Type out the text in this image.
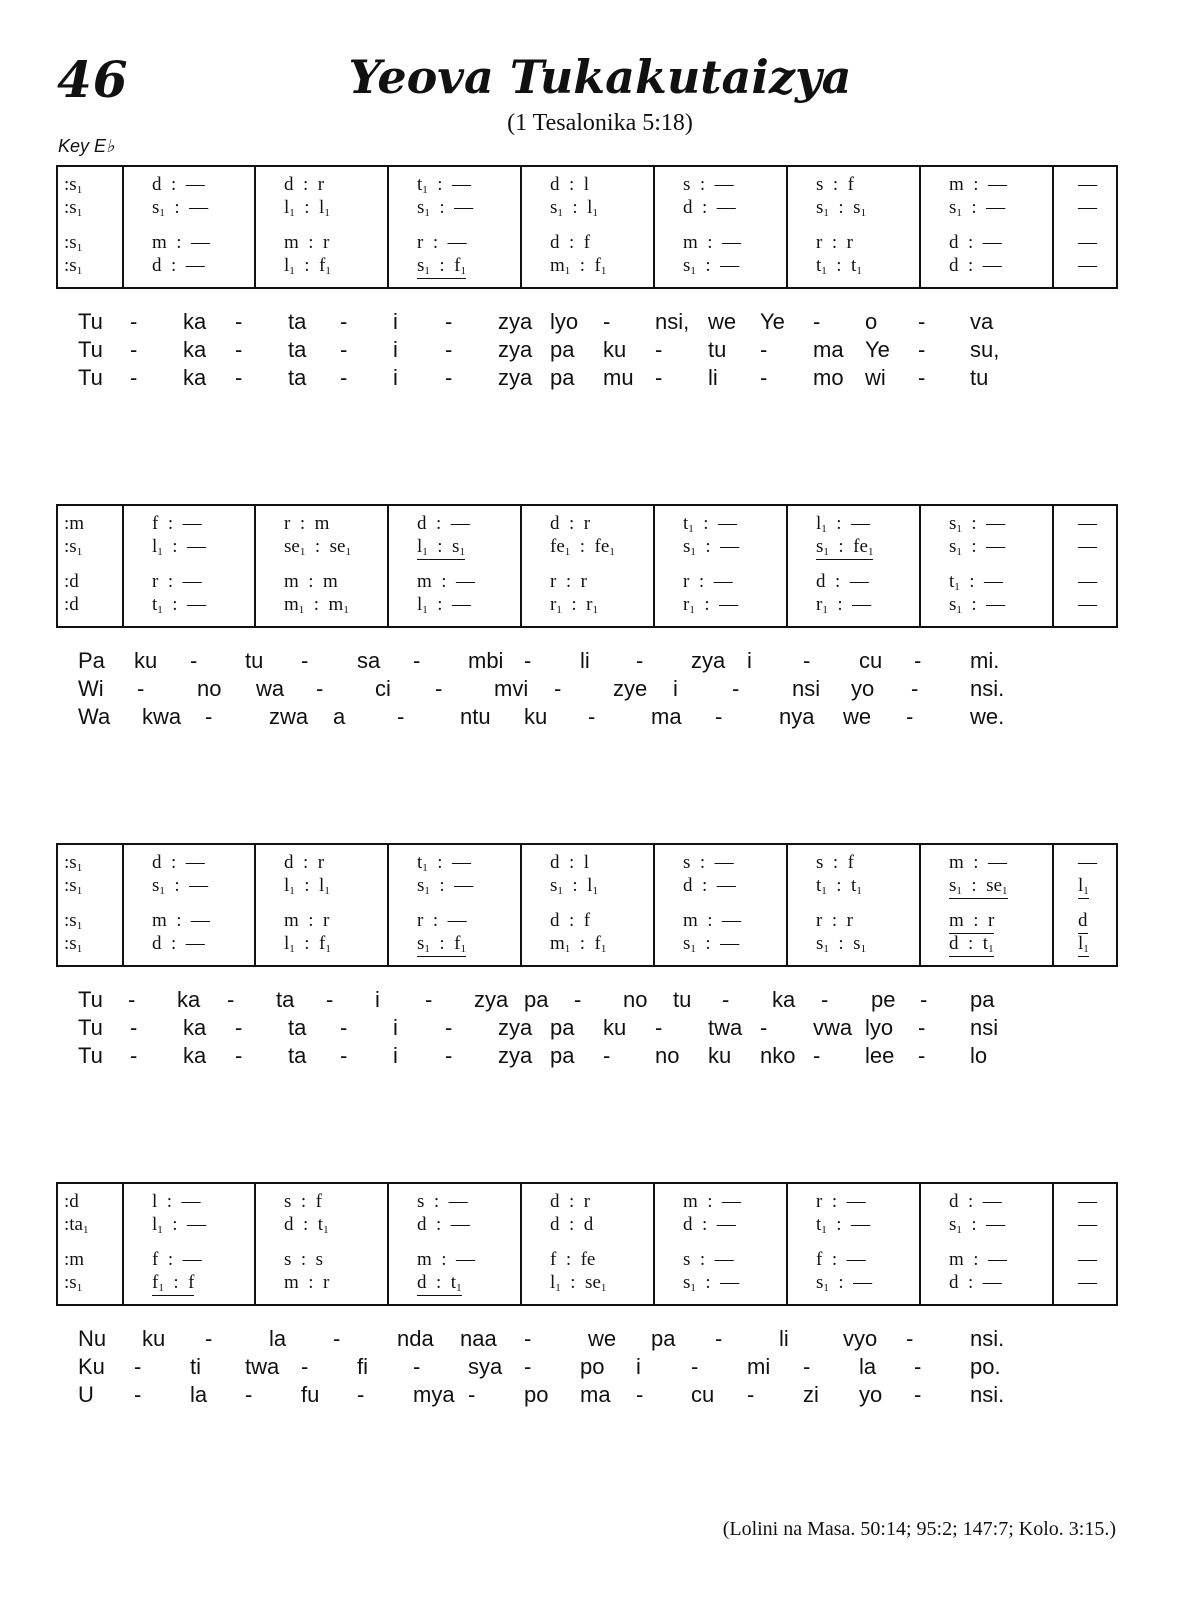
46	Yeova Tukakutaizya
(1 Tesalonika 5:18)
Key E♭
$:s_1$	d  :  —	d  :  r	$t_1$  :  —	d  :  l	s  :  —	s  :  f	m  :  —	—
$:s_1$	$s_1$  :  —	$l_1$  :  $l_1$	$s_1$  :  —	$s_1$  :  $l_1$	d  :  —	$s_1$  :  $s_1$	$s_1$  :  —	—
$:s_1$	m  :  —	m  :  r	r  :  —	d  :  f	m  :  —	r  :  r	d  :  —	—
$:s_1$	d  :  —	$l_1$  :  $f_1$	$s_1$  :  $f_1$	$m_1$  :  $f_1$	$s_1$  :  —	$t_1$  :  $t_1$	d  :  —	—
Tu - ka - ta - i - zya lyo - nsi, we Ye - o - va
Tu - ka - ta - i - zya pa ku - tu - ma Ye - su,
Tu - ka - ta - i - zya pa mu - li - mo wi - tu
:m	f  :  —	r  :  m	d  :  —	d  :  r	$t_1$  :  —	$l_1$  :  —	$s_1$  :  —	—
$:s_1$	$l_1$  :  —	$se_1$  :  $se_1$	$l_1$  :  $s_1$	$fe_1$  :  $fe_1$	$s_1$  :  —	$s_1$  :  $fe_1$	$s_1$  :  —	—
:d	r  :  —	m  :  m	m  :  —	r  :  r	r  :  —	d  :  —	$t_1$  :  —	—
:d	$t_1$  :  —	$m_1$  :  $m_1$	$l_1$  :  —	$r_1$  :  $r_1$	$r_1$  :  —	$r_1$  :  —	$s_1$  :  —	—
Pa ku - tu - sa - mbi - li - zya i - cu - mi.
Wi - no wa - ci - mvi - zye i - nsi yo - nsi.
Wa kwa -	zwa a -	ntu ku -	ma -	nya we -	we.
$:s_1$	d  :  —	d  :  r	$t_1$  :  —	d  :  l	s  :  —	s  :  f	m  :  —	—
$:s_1$	$s_1$  :  —	$l_1$  :  $l_1$	$s_1$  :  —	$s_1$  :  $l_1$	d  :  —	$t_1$  :  $t_1$	$s_1$  :  $se_1$	$l_1$
$:s_1$	m  :  —	m  :  r	r  :  —	d  :  f	m  :  —	r  :  r	m  :  r	d
$:s_1$	d  :  —	$l_1$  :  $f_1$	$s_1$  :  $f_1$	$m_1$  :  $f_1$	$s_1$  :  —	$s_1$  :  $s_1$	d  :  $t_1$	$l_1$
Tu - ka - ta - i - zya pa - no tu - ka - pe - pa
Tu - ka - ta - i - zya pa ku - twa - vwa lyo - nsi
Tu - ka - ta - i - zya pa - no ku nko - lee - lo
:d	l  :  —	s  :  f	s  :  —	d  :  r	m  :  —	r  :  —	d  :  —	—
$:ta_1$	$l_1$  :  —	d  :  $t_1$	d  :  —	d  :  d	d  :  —	$t_1$  :  —	$s_1$  :  —	—
:m	f  :  —	s  :  s	m  :  —	f  :  fe	s  :  —	f  :  —	m  :  —	—
$:s_1$	$f_1$  :  f	m  :  r	d  :  $t_1$	$l_1$  :  $se_1$	$s_1$  :  —	$s_1$  :  —	d  :  —	—
Nu ku -	la -	nda naa -	we pa -	li vyo -	nsi.
Ku - ti twa - fi - sya - po i - mi - la - po.
U - la - fu - mya - po ma - cu - zi yo - nsi.
(Lolini na Masa. 50:14; 95:2; 147:7; Kolo. 3:15.)
